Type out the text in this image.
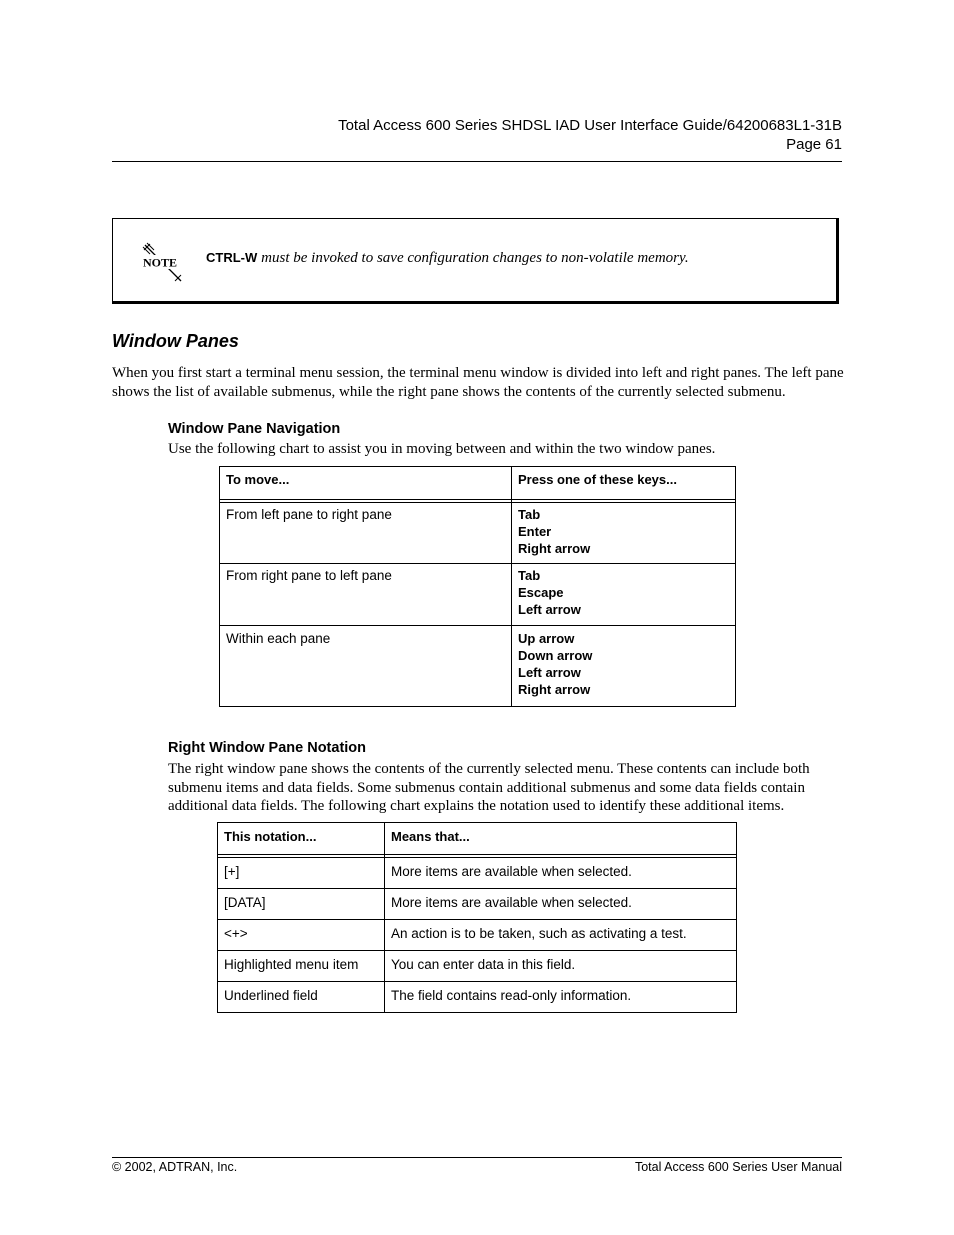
Total Access 600 Series SHDSL IAD User Interface Guide/64200683L1-31B
Page 61
NOTE CTRL-W must be invoked to save configuration changes to non-volatile memory.
Window Panes
When you first start a terminal menu session, the terminal menu window is divided into left and right panes. The left pane shows the list of available submenus, while the right pane shows the contents of the currently selected submenu.
Window Pane Navigation
Use the following chart to assist you in moving between and within the two window panes.
To move...	Press one of these keys...

From left pane to right pane	Tab
Enter
Right arrow

From right pane to left pane	Tab
Escape
Left arrow

Within each pane	Up arrow
Down arrow
Left arrow
Right arrow
Right Window Pane Notation
The right window pane shows the contents of the currently selected menu. These contents can include both submenu items and data fields. Some submenus contain additional submenus and some data fields contain additional data fields. The following chart explains the notation used to identify these additional items.
This notation...	Means that...

[+]	More items are available when selected.
[DATA]	More items are available when selected.
<+>	An action is to be taken, such as activating a test.
Highlighted menu item	You can enter data in this field.
Underlined field	The field contains read-only information.
© 2002, ADTRAN, Inc.	Total Access 600 Series User Manual
